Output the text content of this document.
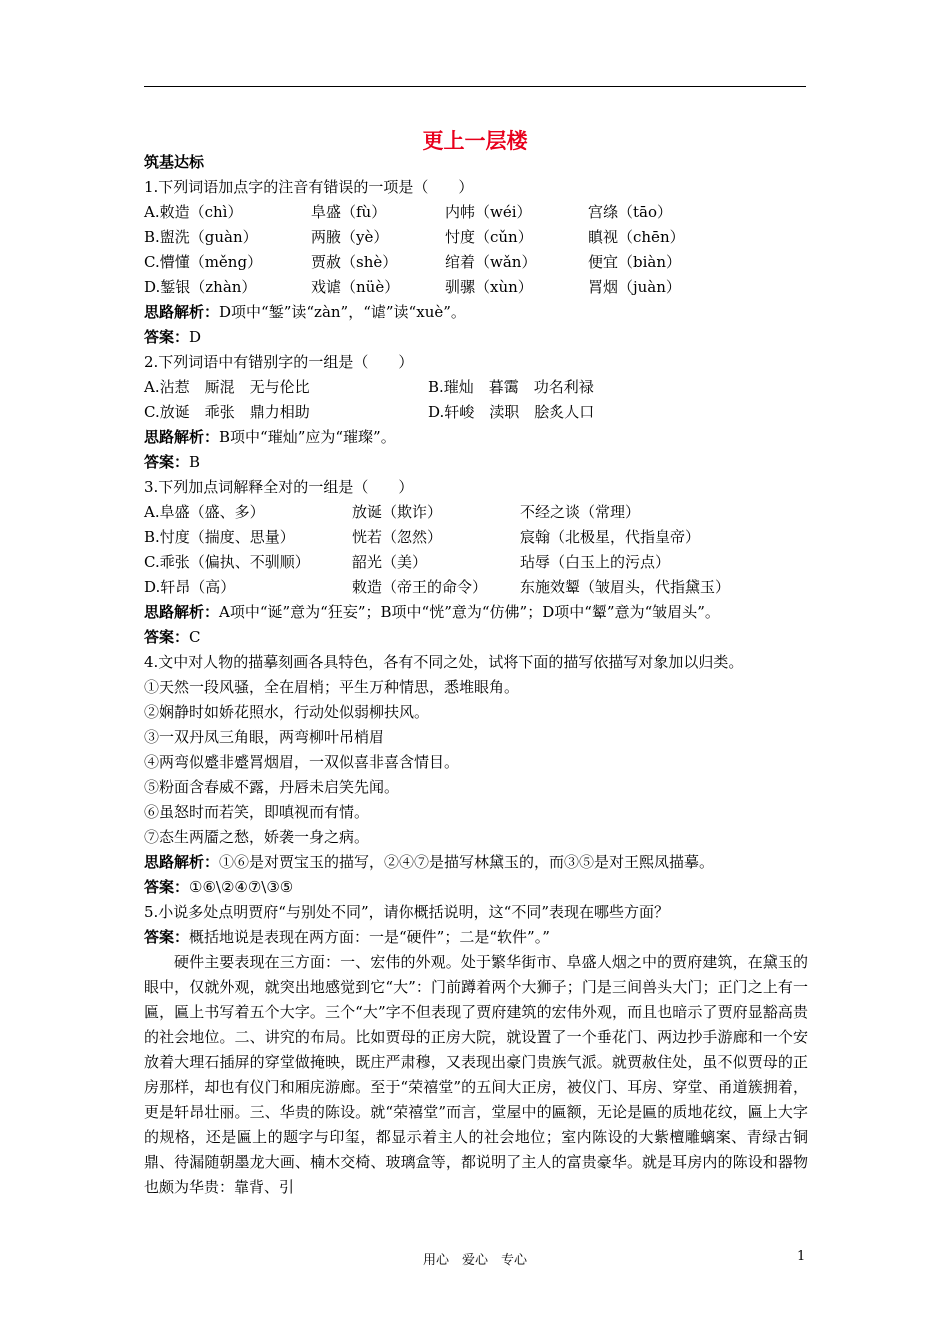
更上一层楼
筑基达标
1.下列词语加点字的注音有错误的一项是（　　）
A.敕造（chì）	阜盛（fù）	内帏（wéi）	宫绦（tāo）
B.盥洗（guàn）	两腋（yè）	忖度（cǔn）	瞋视（chēn）
C.懵懂（měng）	贾赦（shè）	绾着（wǎn）	便宜（biàn）
D.錾银（zhàn）	戏谑（nüè）	驯骡（xùn）	罥烟（juàn）
思路解析：D项中“錾”读“zàn”，“谑”读“xuè”。
答案：D
2.下列词语中有错别字的一组是（　　）
A.沾惹　厮混　无与伦比	B.璀灿　暮霭　功名利禄
C.放诞　乖张　鼎力相助	D.轩峻　渎职　脍炙人口
思路解析：B项中“璀灿”应为“璀璨”。
答案：B
3.下列加点词解释全对的一组是（　　）
A.阜盛（盛、多）	放诞（欺诈）	不经之谈（常理）
B.忖度（揣度、思量）	恍若（忽然）	宸翰（北极星，代指皇帝）
C.乖张（偏执、不驯顺）	韶光（美）	玷辱（白玉上的污点）
D.轩昂（高）	敕造（帝王的命令）	东施效颦（皱眉头，代指黛玉）
思路解析：A项中“诞”意为“狂妄”；B项中“恍”意为“仿佛”；D项中“颦”意为“皱眉头”。
答案：C
4.文中对人物的描摹刻画各具特色，各有不同之处，试将下面的描写依描写对象加以归类。
①天然一段风骚，全在眉梢；平生万种情思，悉堆眼角。
②娴静时如娇花照水，行动处似弱柳扶风。
③一双丹凤三角眼，两弯柳叶吊梢眉
④两弯似蹙非蹙罥烟眉，一双似喜非喜含情目。
⑤粉面含春威不露，丹唇未启笑先闻。
⑥虽怒时而若笑，即嗔视而有情。
⑦态生两靥之愁，娇袭一身之病。
思路解析：①⑥是对贾宝玉的描写，②④⑦是描写林黛玉的，而③⑤是对王熙凤描摹。
答案：①⑥\②④⑦\③⑤
5.小说多处点明贾府“与别处不同”，请你概括说明，这“不同”表现在哪些方面？
答案：概括地说是表现在两方面：一是“硬件”；二是“软件”。”
硬件主要表现在三方面：一、宏伟的外观。处于繁华街市、阜盛人烟之中的贾府建筑，在黛玉的眼中，仅就外观，就突出地感觉到它“大”：门前蹲着两个大狮子；门是三间兽头大门；正门之上有一匾，匾上书写着五个大字。三个“大”字不但表现了贾府建筑的宏伟外观，而且也暗示了贾府显豁高贵的社会地位。二、讲究的布局。比如贾母的正房大院，就设置了一个垂花门、两边抄手游廊和一个安放着大理石插屏的穿堂做掩映，既庄严肃穆，又表现出豪门贵族气派。就贾赦住处，虽不似贾母的正房那样，却也有仪门和厢庑游廊。至于“荣禧堂”的五间大正房，被仪门、耳房、穿堂、甬道簇拥着，更是轩昂壮丽。三、华贵的陈设。就“荣禧堂”而言，堂屋中的匾额，无论是匾的质地花纹，匾上大字的规格，还是匾上的题字与印玺，都显示着主人的社会地位；室内陈设的大紫檀雕螭案、青绿古铜鼎、待漏随朝墨龙大画、楠木交椅、玻璃盒等，都说明了主人的富贵豪华。就是耳房内的陈设和器物也颇为华贵：靠背、引
用心　爱心　专心	1
